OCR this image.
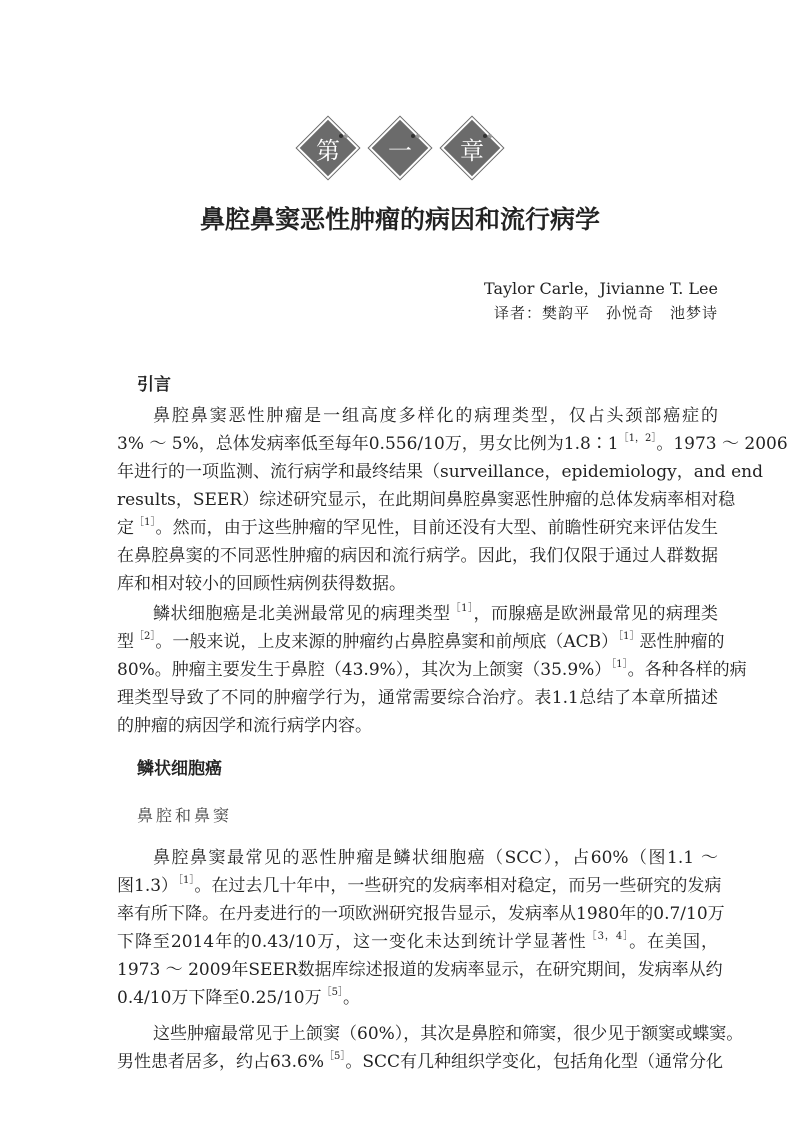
第 一 章
鼻腔鼻窦恶性肿瘤的病因和流行病学
Taylor Carle，Jivianne T. Lee
译者：樊韵平　孙悦奇　池梦诗
引言
鼻腔鼻窦恶性肿瘤是一组高度多样化的病理类型，仅占头颈部癌症的
3% ～ 5%，总体发病率低至每年0.556/10万，男女比例为$1.8∶1^{[1,2]}$。1973 ～ 2006
年进行的一项监测、流行病学和最终结果（surveillance，epidemiology，and end
results，SEER）综述研究显示，在此期间鼻腔鼻窦恶性肿瘤的总体发病率相对稳
定$^{[1]}$。然而，由于这些肿瘤的罕见性，目前还没有大型、前瞻性研究来评估发生
在鼻腔鼻窦的不同恶性肿瘤的病因和流行病学。因此，我们仅限于通过人群数据
库和相对较小的回顾性病例获得数据。
鳞状细胞癌是北美洲最常见的病理类型$^{[1]}$，而腺癌是欧洲最常见的病理类
型$^{[2]}$。一般来说，上皮来源的肿瘤约占鼻腔鼻窦和前颅底（ACB）$^{[1]}$恶性肿瘤的
80%。肿瘤主要发生于鼻腔（43.9%），其次为上颌窦$(35.9\%)^{[1]}$。各种各样的病
理类型导致了不同的肿瘤学行为，通常需要综合治疗。表1.1总结了本章所描述
的肿瘤的病因学和流行病学内容。
鳞状细胞癌
鼻腔和鼻窦
鼻腔鼻窦最常见的恶性肿瘤是鳞状细胞癌（SCC），占60%（图1.1 ～
图1.3）$^{[1]}$。在过去几十年中，一些研究的发病率相对稳定，而另一些研究的发病
率有所下降。在丹麦进行的一项欧洲研究报告显示，发病率从1980年的0.7/10万
下降至2014年的0.43/10万，这一变化未达到统计学显著性$^{[3,4]}$。在美国，
1973 ～ 2009年SEER数据库综述报道的发病率显示，在研究期间，发病率从约
0.4/10万下降至0.25/10万$^{[5]}$。
这些肿瘤最常见于上颌窦（60%），其次是鼻腔和筛窦，很少见于额窦或蝶窦。
男性患者居多，约占63.6%$^{[5]}$。SCC有几种组织学变化，包括角化型（通常分化
